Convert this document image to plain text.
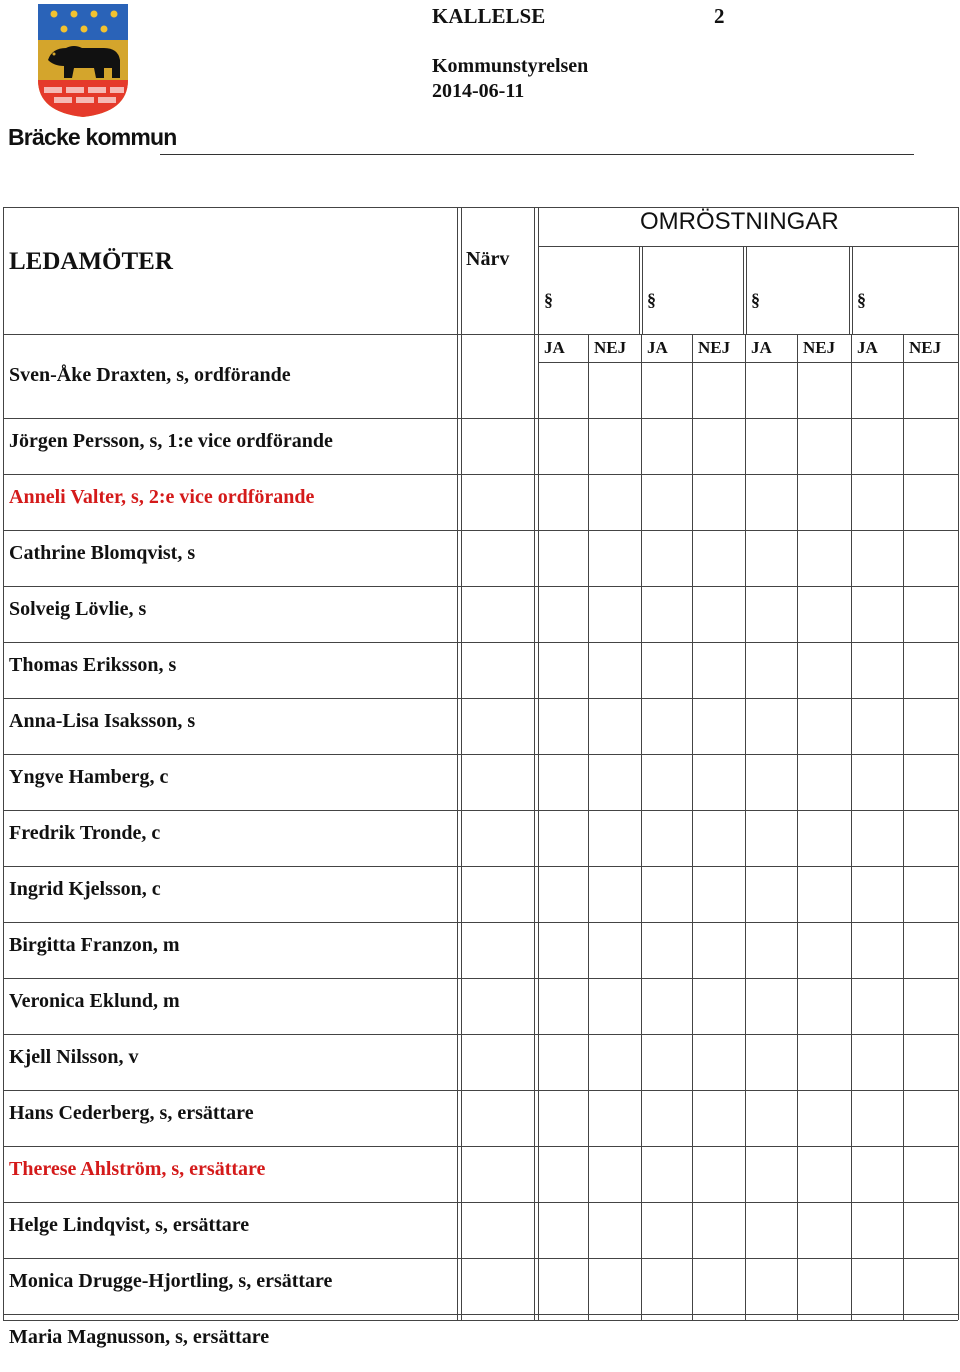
Bräcke kommun
KALLELSE	2
Kommunstyrelsen
2014-06-11
LEDAMÖTER	Närv
OMRÖSTNINGAR
§	§	§	§
JA NEJ JA NEJ JA NEJ JA NEJ
Sven-Åke Draxten, s, ordförande
Jörgen Persson, s, 1:e vice ordförande
Anneli Valter, s, 2:e vice ordförande
Cathrine Blomqvist, s
Solveig Lövlie, s
Thomas Eriksson, s
Anna-Lisa Isaksson, s
Yngve Hamberg, c
Fredrik Tronde, c
Ingrid Kjelsson, c
Birgitta Franzon, m
Veronica Eklund, m
Kjell Nilsson, v
Hans Cederberg, s, ersättare
Therese Ahlström, s, ersättare
Helge Lindqvist, s, ersättare
Monica Drugge-Hjortling, s, ersättare
Maria Magnusson, s, ersättare
